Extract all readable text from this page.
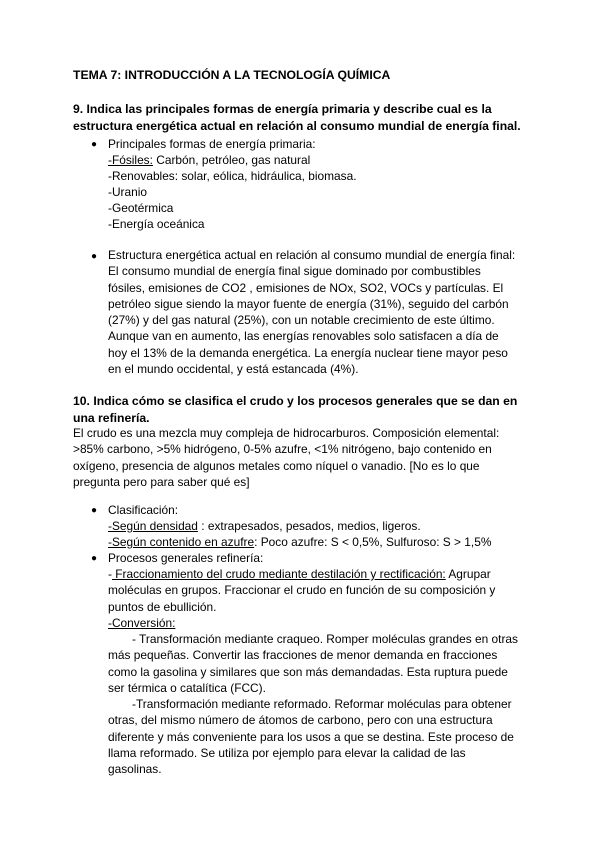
TEMA 7: INTRODUCCIÓN A LA TECNOLOGÍA QUÍMICA
9. Indica las principales formas de energía primaria y describe cual es la
estructura energética actual en relación al consumo mundial de energía final.
● Principales formas de energía primaria:
-Fósiles: Carbón, petróleo, gas natural
-Renovables: solar, eólica, hidráulica, biomasa.
-Uranio
-Geotérmica
-Energía oceánica
● Estructura energética actual en relación al consumo mundial de energía final:
El consumo mundial de energía final sigue dominado por combustibles
fósiles, emisiones de CO2 , emisiones de NOx, SO2, VOCs y partículas. El
petróleo sigue siendo la mayor fuente de energía (31%), seguido del carbón
(27%) y del gas natural (25%), con un notable crecimiento de este último.
Aunque van en aumento, las energías renovables solo satisfacen a día de
hoy el 13% de la demanda energética. La energía nuclear tiene mayor peso
en el mundo occidental, y está estancada (4%).
10. Indica cómo se clasifica el crudo y los procesos generales que se dan en
una refinería.
El crudo es una mezcla muy compleja de hidrocarburos. Composición elemental:
>85% carbono, >5% hidrógeno, 0-5% azufre, <1% nitrógeno, bajo contenido en
oxígeno, presencia de algunos metales como níquel o vanadio. [No es lo que
pregunta pero para saber qué es]
● Clasificación:
-Según densidad : extrapesados, pesados, medios, ligeros.
-Según contenido en azufre: Poco azufre: S < 0,5%, Sulfuroso: S > 1,5%
● Procesos generales refinería:
- Fraccionamiento del crudo mediante destilación y rectificación: Agrupar
moléculas en grupos. Fraccionar el crudo en función de su composición y
puntos de ebullición.
-Conversión:
- Transformación mediante craqueo. Romper moléculas grandes en otras
más pequeñas. Convertir las fracciones de menor demanda en fracciones
como la gasolina y similares que son más demandadas. Esta ruptura puede
ser térmica o catalítica (FCC).
-Transformación mediante reformado. Reformar moléculas para obtener
otras, del mismo número de átomos de carbono, pero con una estructura
diferente y más conveniente para los usos a que se destina. Este proceso de
llama reformado. Se utiliza por ejemplo para elevar la calidad de las
gasolinas.
